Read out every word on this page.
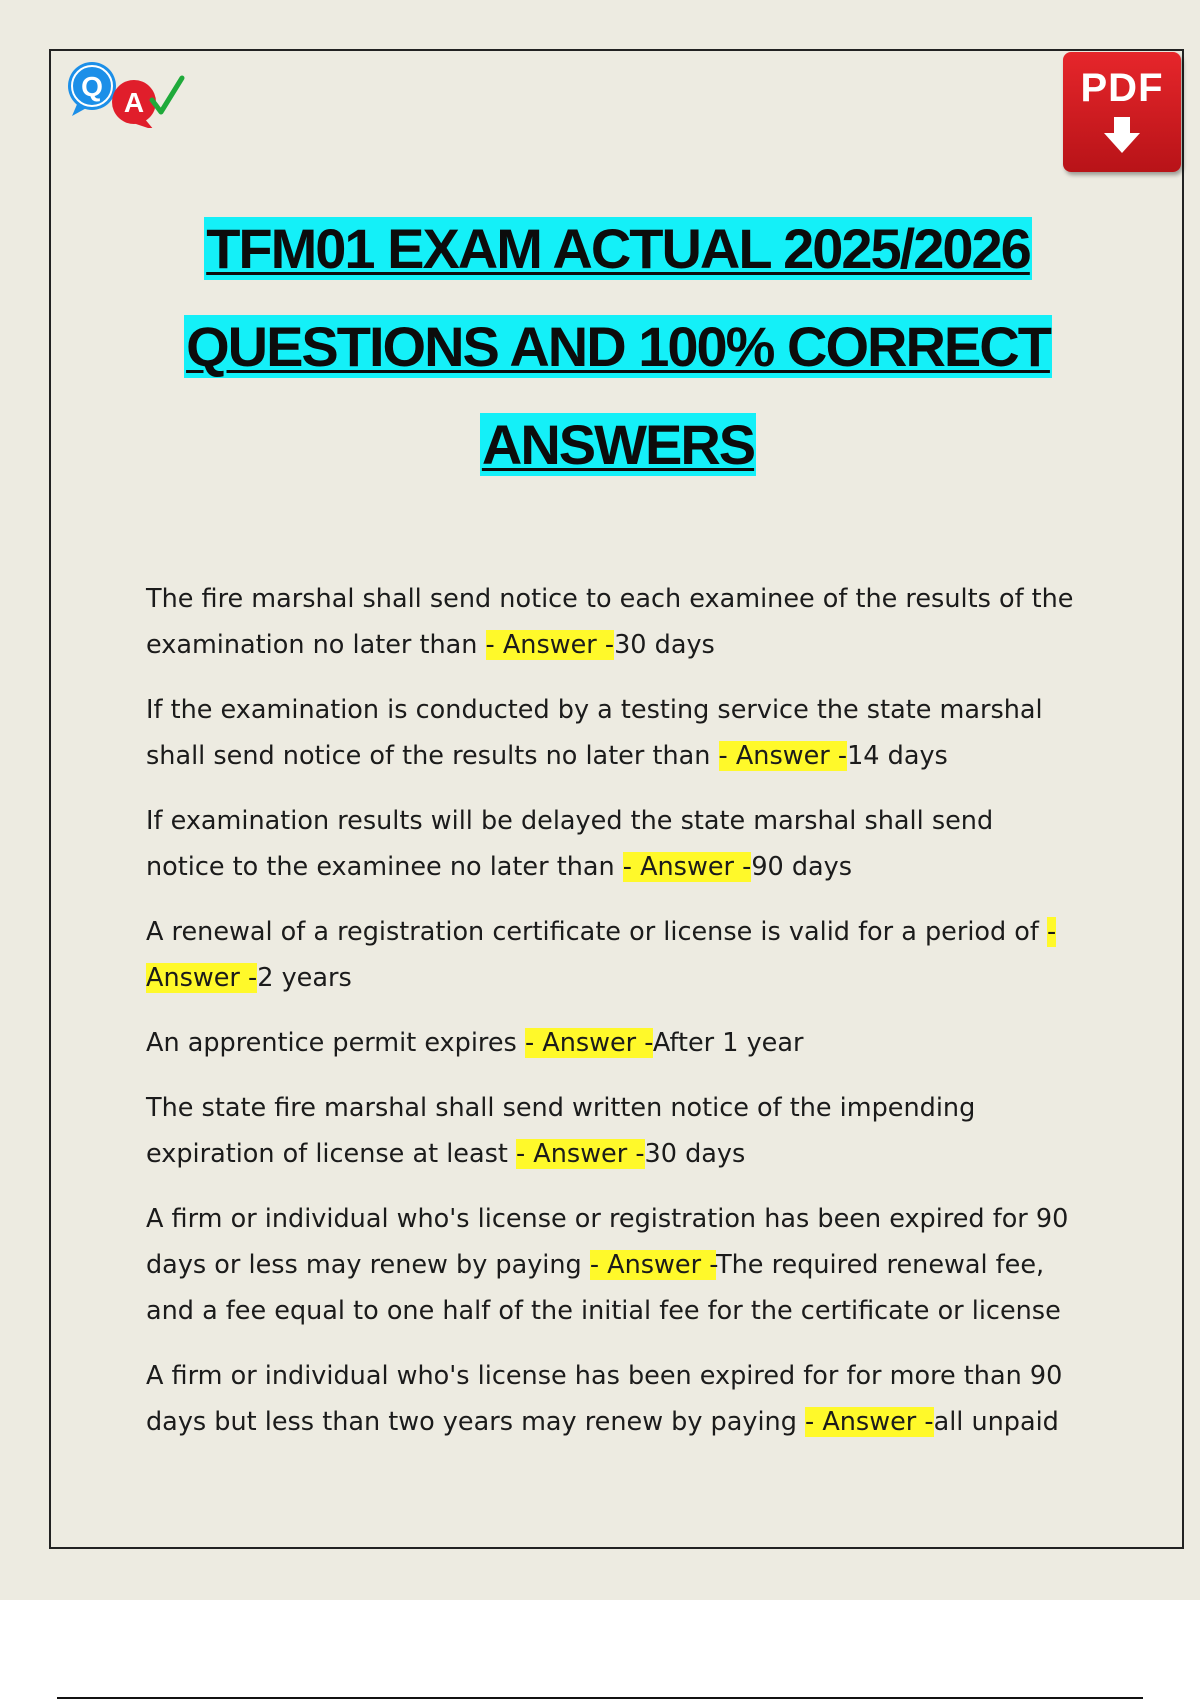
Q
A	PDF
TFM01 EXAM ACTUAL 2025/2026
QUESTIONS AND 100% CORRECT
ANSWERS
The fire marshal shall send notice to each examinee of the results of the
examination no later than - Answer -30 days
If the examination is conducted by a testing service the state marshal
shall send notice of the results no later than - Answer -14 days
If examination results will be delayed the state marshal shall send
notice to the examinee no later than - Answer -90 days
A renewal of a registration certificate or license is valid for a period of -
Answer -2 years
An apprentice permit expires - Answer -After 1 year
The state fire marshal shall send written notice of the impending
expiration of license at least - Answer -30 days
A firm or individual who's license or registration has been expired for 90
days or less may renew by paying - Answer -The required renewal fee,
and a fee equal to one half of the initial fee for the certificate or license
A firm or individual who's license has been expired for for more than 90
days but less than two years may renew by paying - Answer -all unpaid
